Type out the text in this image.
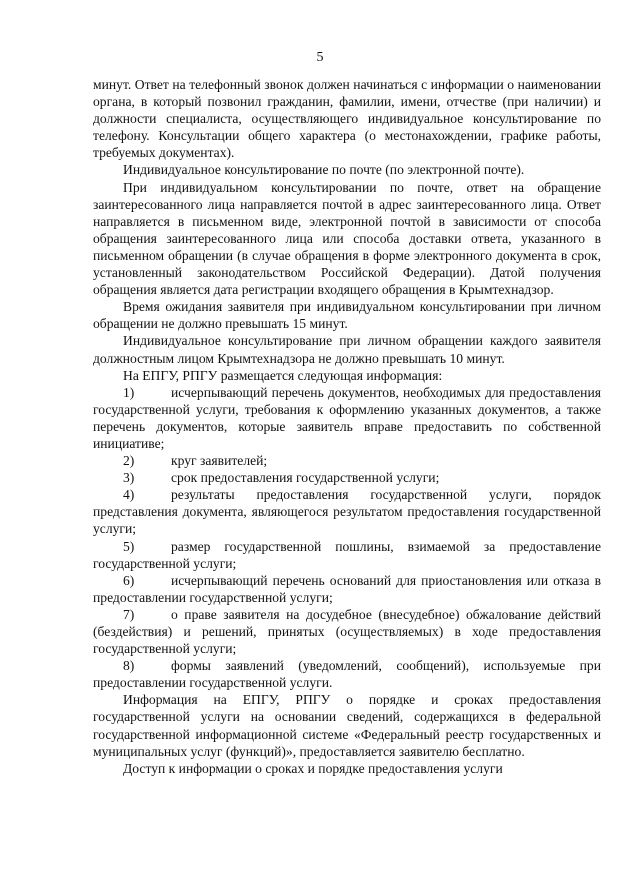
5

минут. Ответ на телефонный звонок должен начинаться с информации о наименовании органа, в который позвонил гражданин, фамилии, имени, отчестве (при наличии) и должности специалиста, осуществляющего индивидуальное консультирование по телефону. Консультации общего характера (о местонахождении, графике работы, требуемых документах).

Индивидуальное консультирование по почте (по электронной почте).

При индивидуальном консультировании по почте, ответ на обращение заинтересованного лица направляется почтой в адрес заинтересованного лица. Ответ направляется в письменном виде, электронной почтой в зависимости от способа обращения заинтересованного лица или способа доставки ответа, указанного в письменном обращении (в случае обращения в форме электронного документа в срок, установленный законодательством Российской Федерации). Датой получения обращения является дата регистрации входящего обращения в Крымтехнадзор.

Время ожидания заявителя при индивидуальном консультировании при личном обращении не должно превышать 15 минут.

Индивидуальное консультирование при личном обращении каждого заявителя должностным лицом Крымтехнадзора не должно превышать 10 минут.

На ЕПГУ, РПГУ размещается следующая информация:

1)	исчерпывающий перечень документов, необходимых для предоставления государственной услуги, требования к оформлению указанных документов, а также перечень документов, которые заявитель вправе предоставить по собственной инициативе;

2)	круг заявителей;

3)	срок предоставления государственной услуги;

4)	результаты предоставления государственной услуги, порядок представления документа, являющегося результатом предоставления государственной услуги;

5)	размер государственной пошлины, взимаемой за предоставление государственной услуги;

6)	исчерпывающий перечень оснований для приостановления или отказа в предоставлении государственной услуги;

7)	о праве заявителя на досудебное (внесудебное) обжалование действий (бездействия) и решений, принятых (осуществляемых) в ходе предоставления государственной услуги;

8)	формы заявлений (уведомлений, сообщений), используемые при предоставлении государственной услуги.

Информация на ЕПГУ, РПГУ о порядке и сроках предоставления государственной услуги на основании сведений, содержащихся в федеральной государственной информационной системе «Федеральный реестр государственных и муниципальных услуг (функций)», предоставляется заявителю бесплатно.

Доступ к информации о сроках и порядке предоставления услуги
